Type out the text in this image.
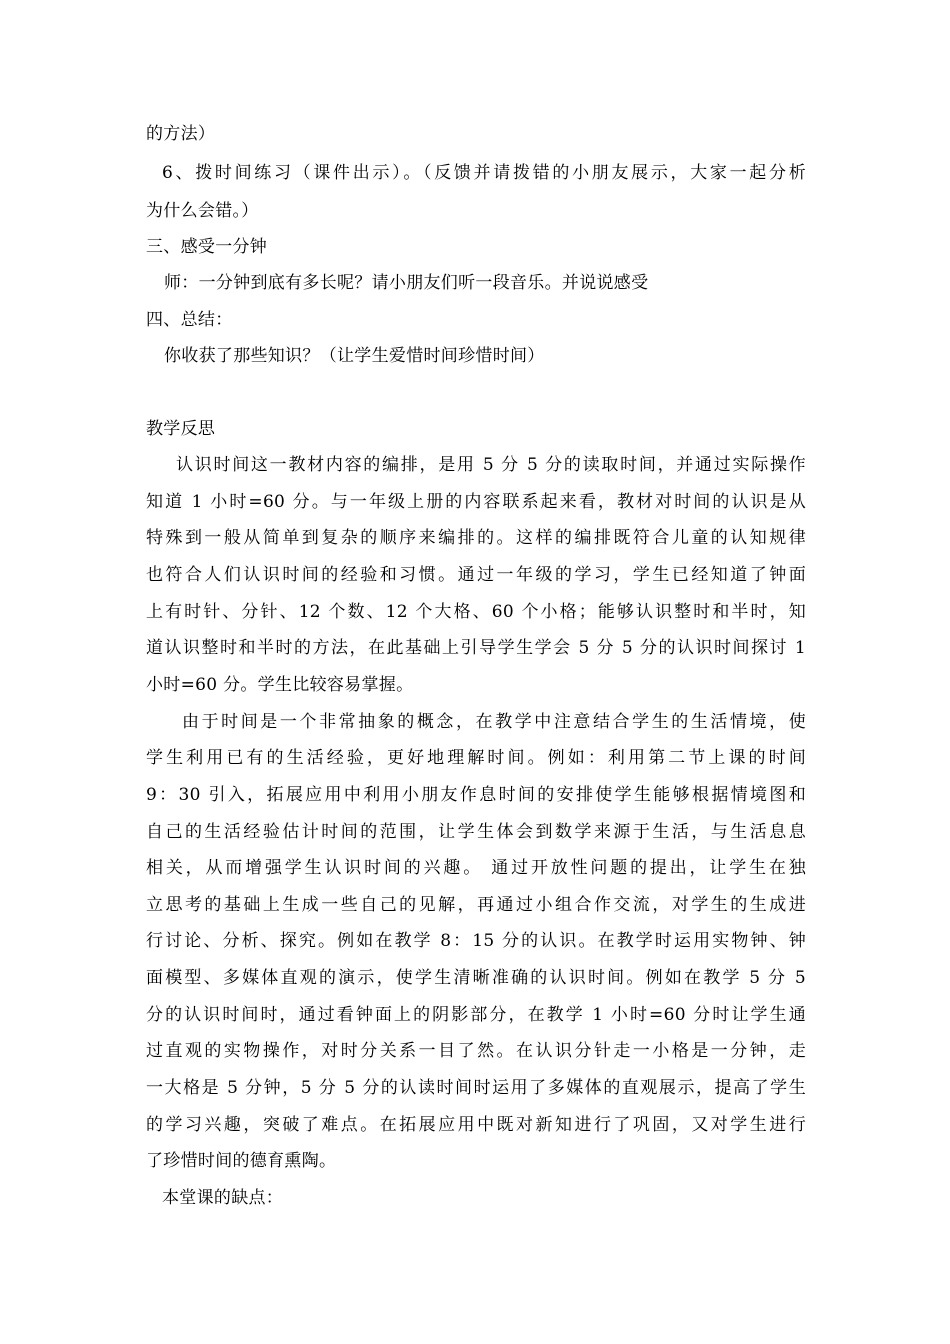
的方法）
6、拨时间练习（课件出示）。（反馈并请拨错的小朋友展示，大家一起分析
为什么会错。）
三、感受一分钟
师：一分钟到底有多长呢？请小朋友们听一段音乐。并说说感受
四、总结：
你收获了那些知识？（让学生爱惜时间珍惜时间）
教学反思
认识时间这一教材内容的编排，是用 5 分 5 分的读取时间，并通过实际操作
知道 1 小时=60 分。与一年级上册的内容联系起来看，教材对时间的认识是从
特殊到一般从简单到复杂的顺序来编排的。这样的编排既符合儿童的认知规律
也符合人们认识时间的经验和习惯。通过一年级的学习，学生已经知道了钟面
上有时针、分针、12 个数、12 个大格、60 个小格；能够认识整时和半时，知
道认识整时和半时的方法，在此基础上引导学生学会 5 分 5 分的认识时间探讨 1
小时=60 分。学生比较容易掌握。
由于时间是一个非常抽象的概念，在教学中注意结合学生的生活情境，使
学生利用已有的生活经验，更好地理解时间。例如：利用第二节上课的时间
9：30 引入，拓展应用中利用小朋友作息时间的安排使学生能够根据情境图和
自己的生活经验估计时间的范围，让学生体会到数学来源于生活，与生活息息
相关，从而增强学生认识时间的兴趣。 通过开放性问题的提出，让学生在独
立思考的基础上生成一些自己的见解，再通过小组合作交流，对学生的生成进
行讨论、分析、探究。例如在教学 8：15 分的认识。在教学时运用实物钟、钟
面模型、多媒体直观的演示，使学生清晰准确的认识时间。例如在教学 5 分 5
分的认识时间时，通过看钟面上的阴影部分，在教学 1 小时=60 分时让学生通
过直观的实物操作，对时分关系一目了然。在认识分针走一小格是一分钟，走
一大格是 5 分钟，5 分 5 分的认读时间时运用了多媒体的直观展示，提高了学生
的学习兴趣，突破了难点。在拓展应用中既对新知进行了巩固，又对学生进行
了珍惜时间的德育熏陶。
本堂课的缺点：
